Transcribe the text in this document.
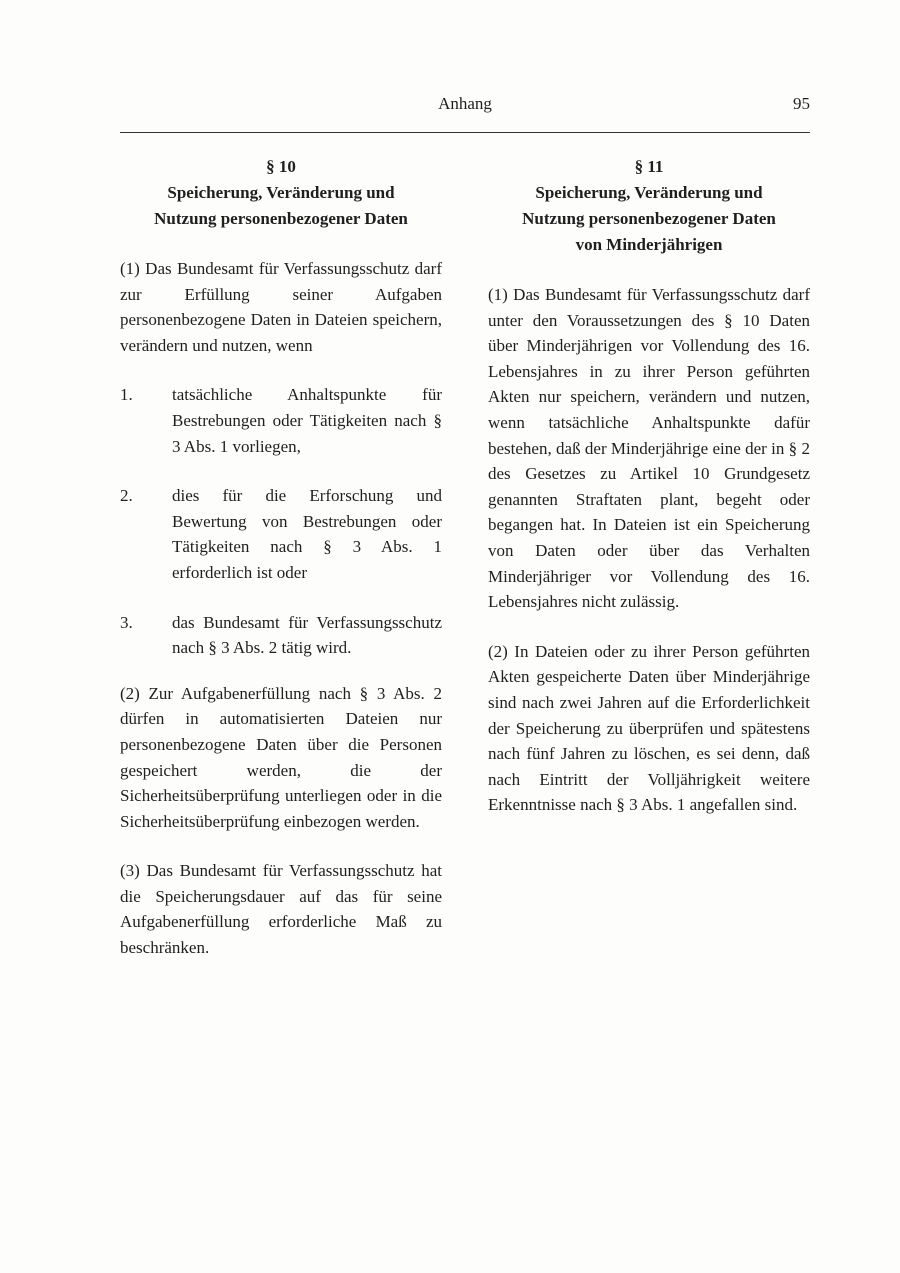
Anhang	95
§ 10
Speicherung, Veränderung und
Nutzung personenbezogener Daten

(1) Das Bundesamt für Verfassungsschutz darf zur Erfüllung seiner Aufgaben personenbezogene Daten in Dateien speichern, verändern und nutzen, wenn

1.	tatsächliche Anhaltspunkte für Bestrebungen oder Tätigkeiten nach § 3 Abs. 1 vorliegen,
2.	dies für die Erforschung und Bewertung von Bestrebungen oder Tätigkeiten nach § 3 Abs. 1 erforderlich ist oder
3.	das Bundesamt für Verfassungsschutz nach § 3 Abs. 2 tätig wird.

(2) Zur Aufgabenerfüllung nach § 3 Abs. 2 dürfen in automatisierten Dateien nur personenbezogene Daten über die Personen gespeichert werden, die der Sicherheitsüberprüfung unterliegen oder in die Sicherheitsüberprüfung einbezogen werden.

(3) Das Bundesamt für Verfassungsschutz hat die Speicherungsdauer auf das für seine Aufgabenerfüllung erforderliche Maß zu beschränken.

§ 11
Speicherung, Veränderung und
Nutzung personenbezogener Daten
von Minderjährigen

(1) Das Bundesamt für Verfassungsschutz darf unter den Voraussetzungen des § 10 Daten über Minderjährigen vor Vollendung des 16. Lebensjahres in zu ihrer Person geführten Akten nur speichern, verändern und nutzen, wenn tatsächliche Anhaltspunkte dafür bestehen, daß der Minderjährige eine der in § 2 des Gesetzes zu Artikel 10 Grundgesetz genannten Straftaten plant, begeht oder begangen hat. In Dateien ist ein Speicherung von Daten oder über das Verhalten Minderjähriger vor Vollendung des 16. Lebensjahres nicht zulässig.

(2) In Dateien oder zu ihrer Person geführten Akten gespeicherte Daten über Minderjährige sind nach zwei Jahren auf die Erforderlichkeit der Speicherung zu überprüfen und spätestens nach fünf Jahren zu löschen, es sei denn, daß nach Eintritt der Volljährigkeit weitere Erkenntnisse nach § 3 Abs. 1 angefallen sind.
